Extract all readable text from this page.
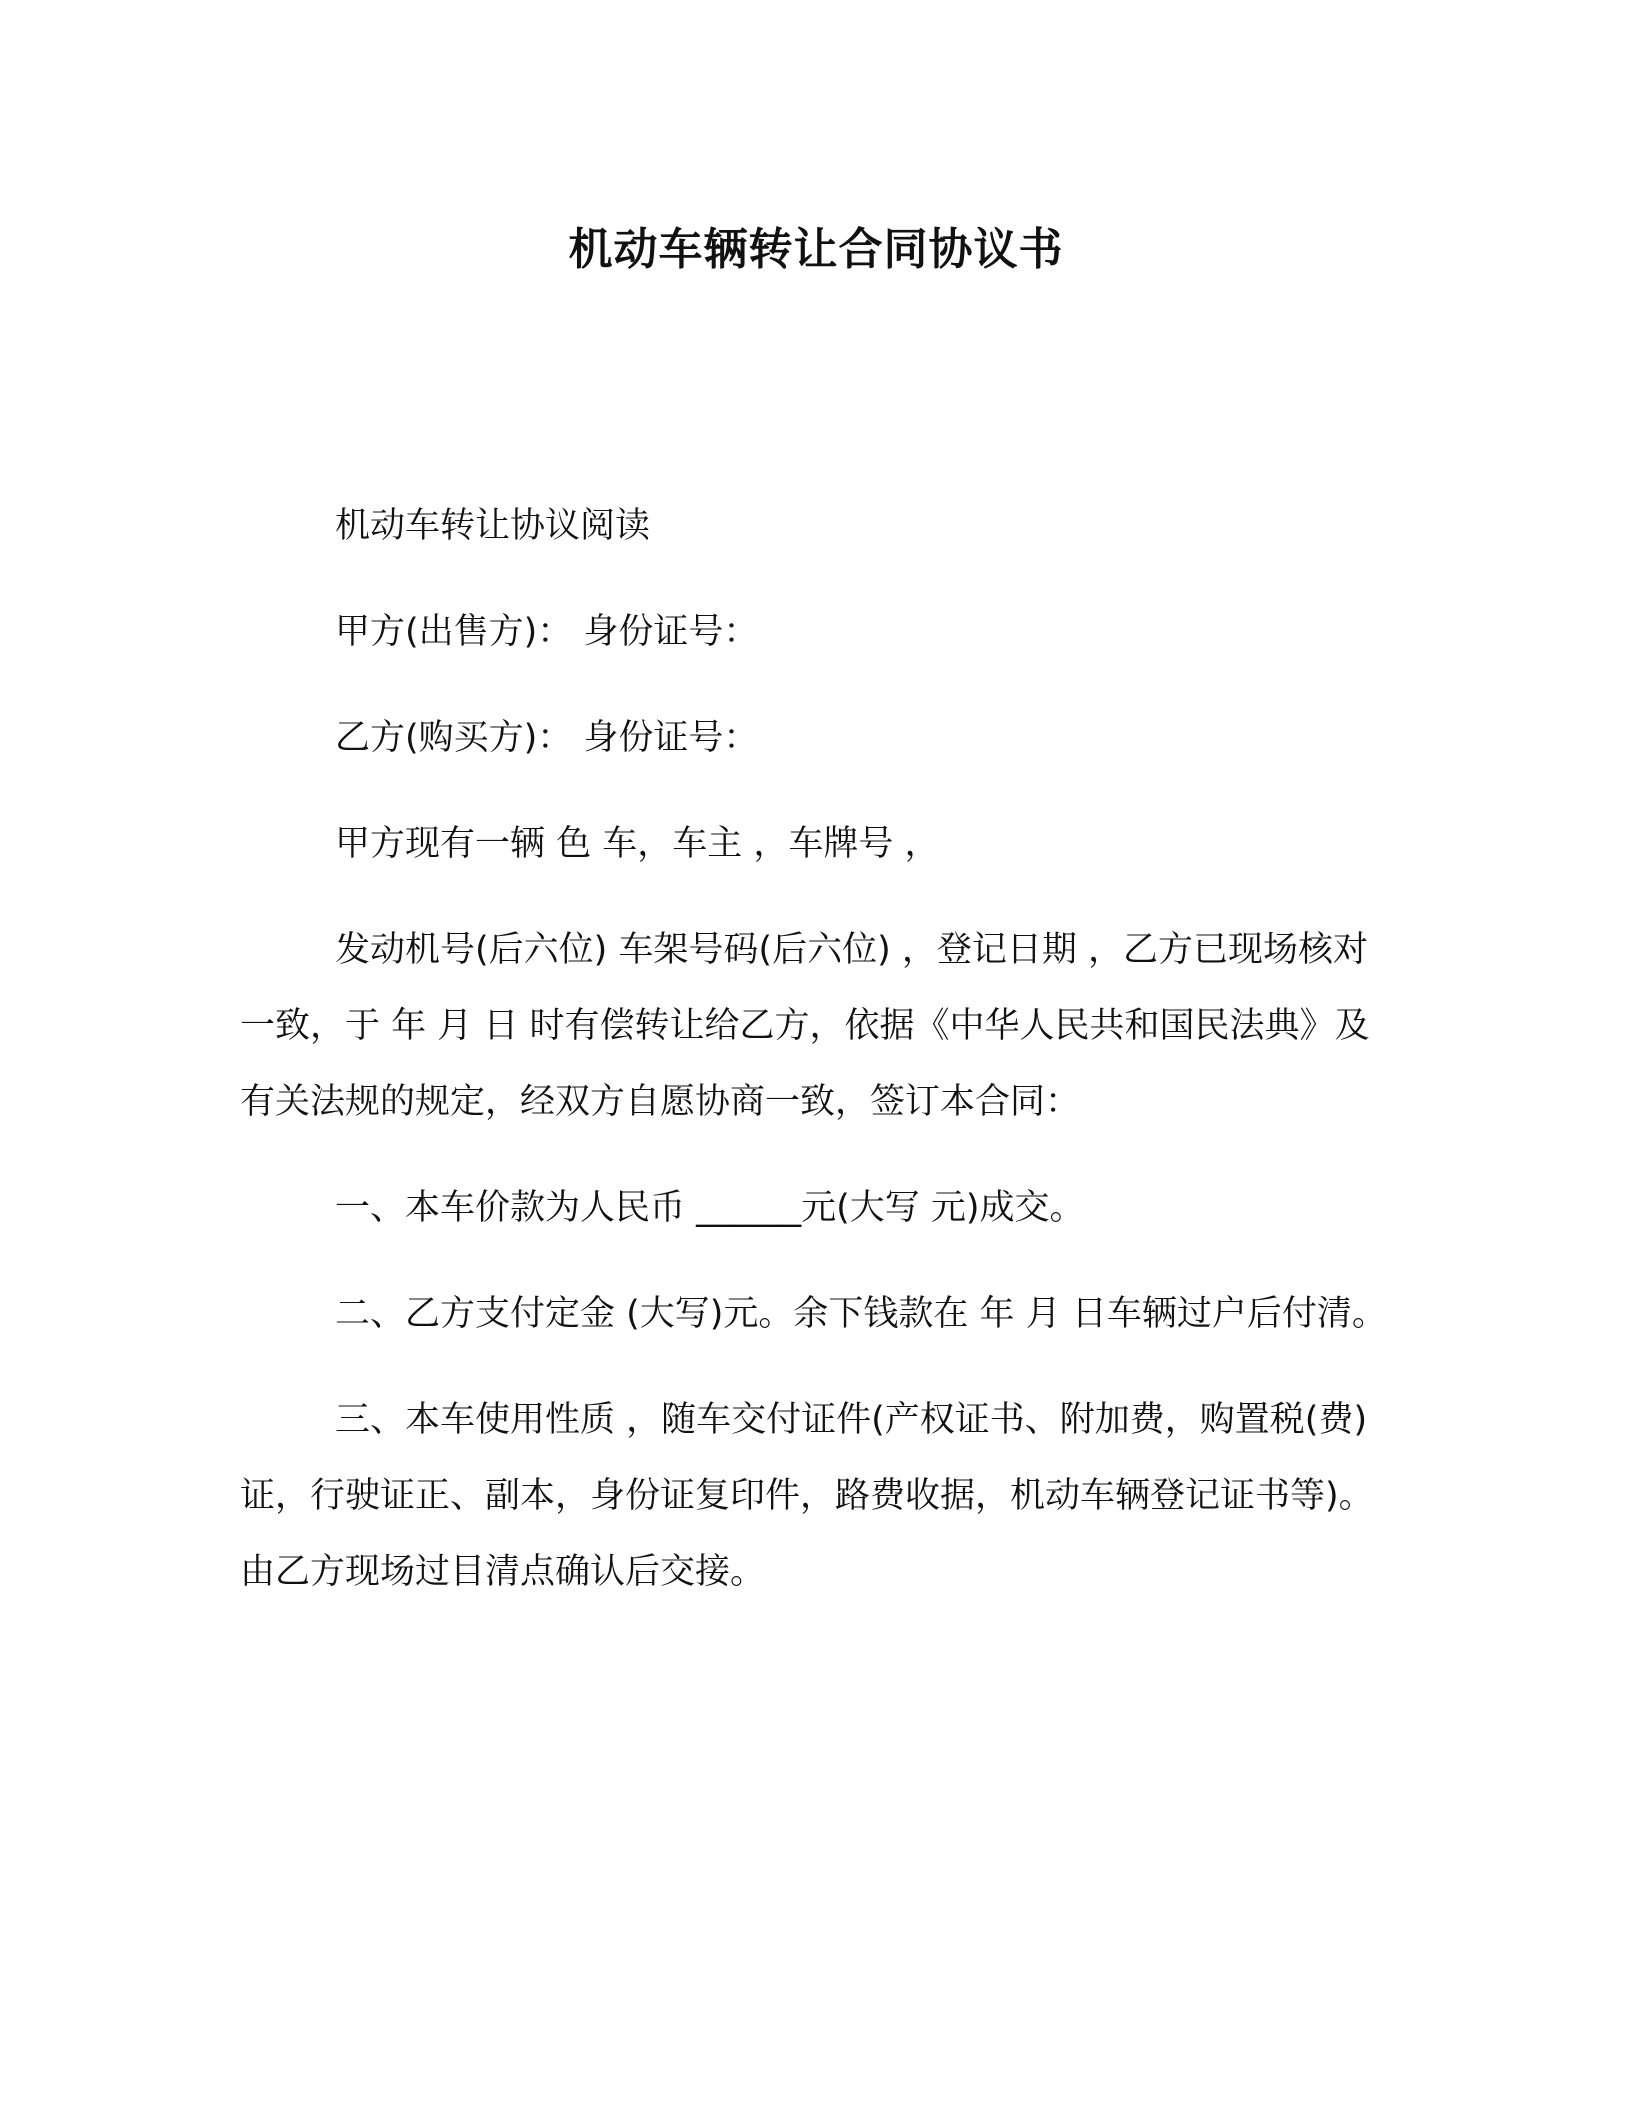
机动车辆转让合同协议书

机动车转让协议阅读

甲方(出售方)： 身份证号：

乙方(购买方)： 身份证号：

甲方现有一辆 色 车，车主 ，车牌号 ，

发动机号(后六位) 车架号码(后六位) ，登记日期 ，乙方已现场核对一致，于 年 月 日 时有偿转让给乙方，依据《中华人民共和国民法典》及有关法规的规定，经双方自愿协商一致，签订本合同：

一、本车价款为人民币 ______元(大写 元)成交。

二、乙方支付定金 (大写)元。余下钱款在 年 月 日车辆过户后付清。

三、本车使用性质 ，随车交付证件(产权证书、附加费，购置税(费)证，行驶证正、副本，身份证复印件，路费收据，机动车辆登记证书等)。由乙方现场过目清点确认后交接。
